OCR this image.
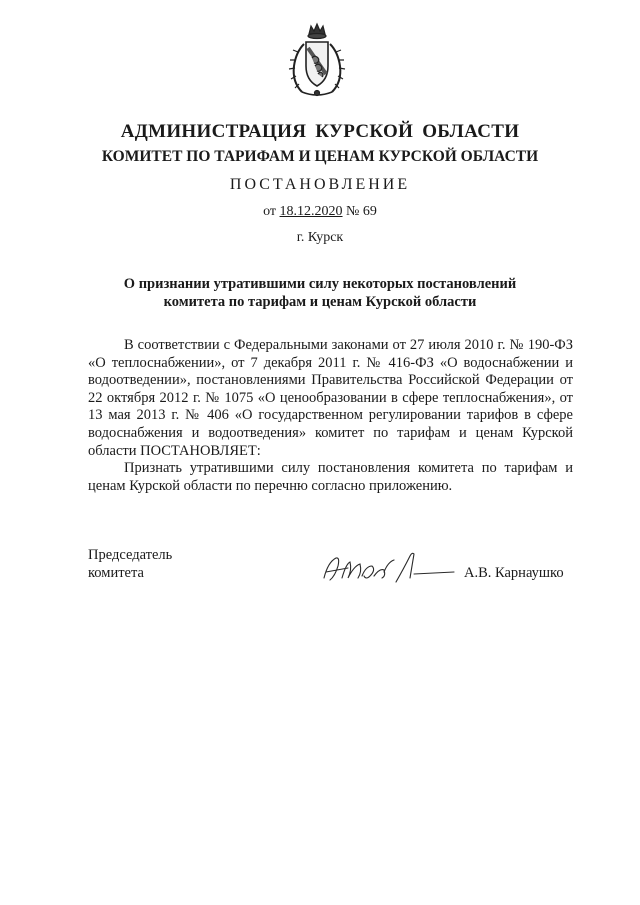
АДМИНИСТРАЦИЯ КУРСКОЙ ОБЛАСТИ
КОМИТЕТ ПО ТАРИФАМ И ЦЕНАМ КУРСКОЙ ОБЛАСТИ
ПОСТАНОВЛЕНИЕ
от 18.12.2020 № 69
г. Курск
О признании утратившими силу некоторых постановлений
комитета по тарифам и ценам Курской области

В соответствии с Федеральными законами от 27 июля 2010 г. № 190-ФЗ «О теплоснабжении», от 7 декабря 2011 г. № 416-ФЗ «О водоснабжении и водоотведении», постановлениями Правительства Российской Федерации от 22 октября 2012 г. № 1075 «О ценообразовании в сфере теплоснабжения», от 13 мая 2013 г. № 406 «О государственном регулировании тарифов в сфере водоснабжения и водоотведения» комитет по тарифам и ценам Курской области ПОСТАНОВЛЯЕТ:

Признать утратившими силу постановления комитета по тарифам и ценам Курской области по перечню согласно приложению.

Председатель
комитета	А.В. Карнаушко
